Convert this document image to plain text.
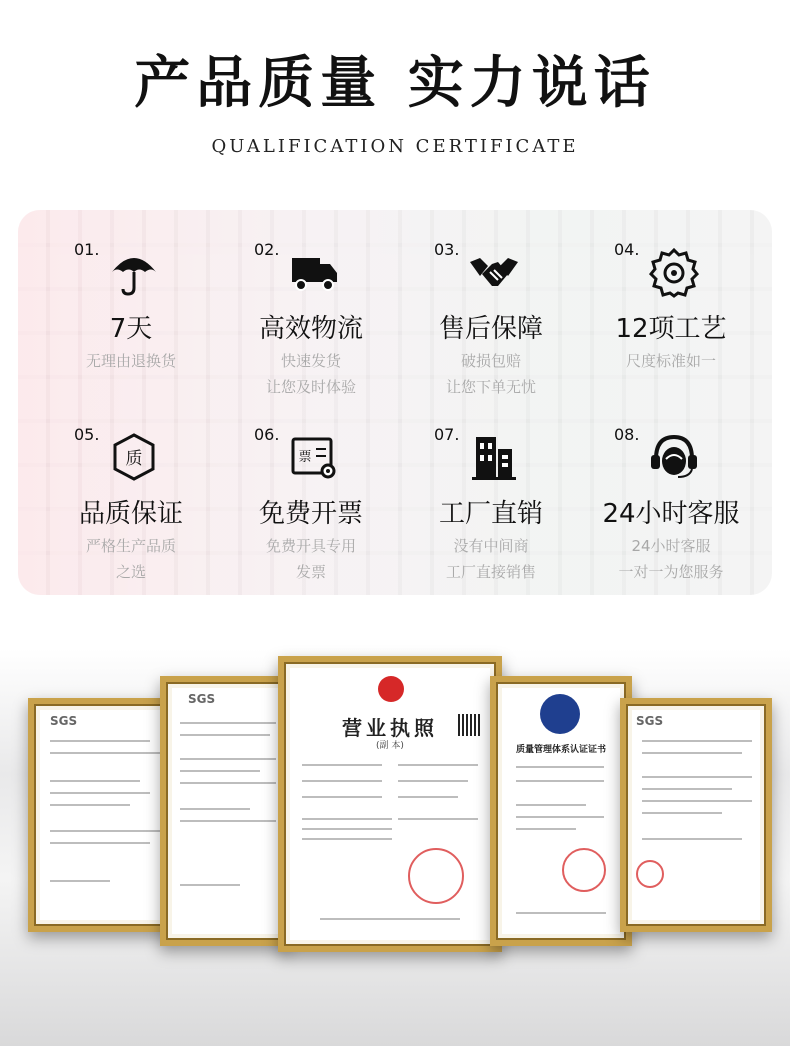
产品质量 实力说话
QUALIFICATION CERTIFICATE
01.
7天
无理由退换货
02.
高效物流
快速发货
让您及时体验
03.
售后保障
破损包赔
让您下单无忧
04.
12项工艺
尺度标准如一
05.
质
品质保证
严格生产品质
之选
06.
票
免费开票
免费开具专用
发票
07.
工厂直销
没有中间商
工厂直接销售
08.
24小时客服
24小时客服
一对一为您服务
SGS
SGS
营业执照
(副 本)	质量管理体系认证证书
SGS
